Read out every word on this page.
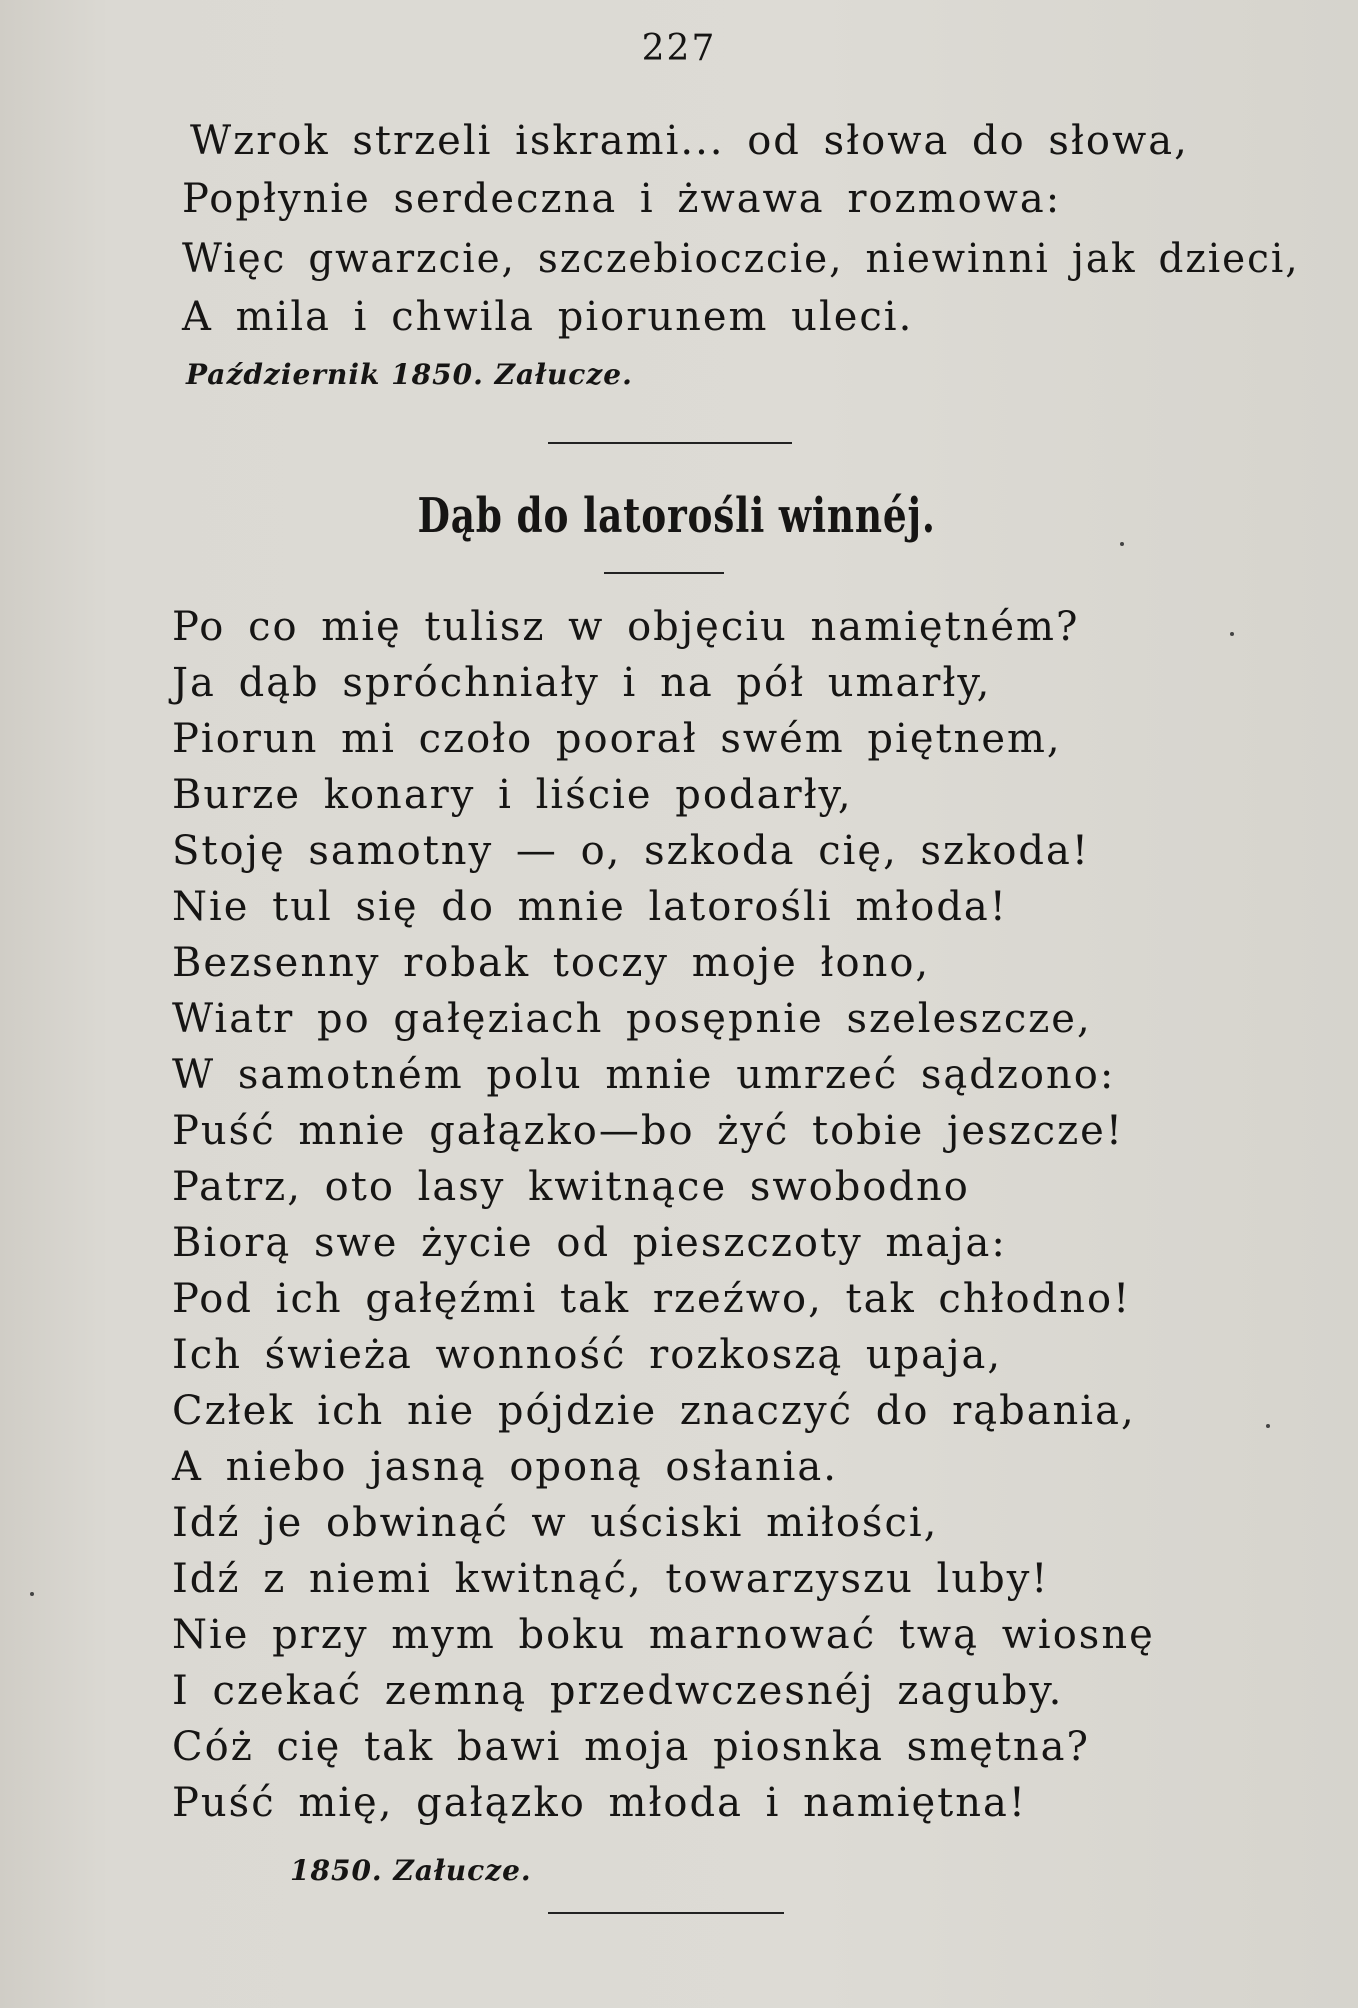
227
Wzrok strzeli iskrami... od słowa do słowa,
Popłynie serdeczna i żwawa rozmowa:
Więc gwarzcie, szczebioczcie, niewinni jak dzieci,
A mila i chwila piorunem uleci.
Październik 1850. Załucze.
Dąb do latorośli winnéj.
Po co mię tulisz w objęciu namiętném?
Ja dąb spróchniały i na pół umarły,
Piorun mi czoło poorał swém piętnem,
Burze konary i liście podarły,
Stoję samotny — o, szkoda cię, szkoda!
Nie tul się do mnie latorośli młoda!
Bezsenny robak toczy moje łono,
Wiatr po gałęziach posępnie szeleszcze,
W samotném polu mnie umrzeć sądzono:
Puść mnie gałązko—bo żyć tobie jeszcze!
Patrz, oto lasy kwitnące swobodno
Biorą swe życie od pieszczoty maja:
Pod ich gałęźmi tak rzeźwo, tak chłodno!
Ich świeża wonność rozkoszą upaja,
Człek ich nie pójdzie znaczyć do rąbania,
A niebo jasną oponą osłania.
Idź je obwinąć w uściski miłości,
Idź z niemi kwitnąć, towarzyszu luby!
Nie przy mym boku marnować twą wiosnę
I czekać zemną przedwczesnéj zaguby.
Cóż cię tak bawi moja piosnka smętna?
Puść mię, gałązko młoda i namiętna!
1850. Załucze.
